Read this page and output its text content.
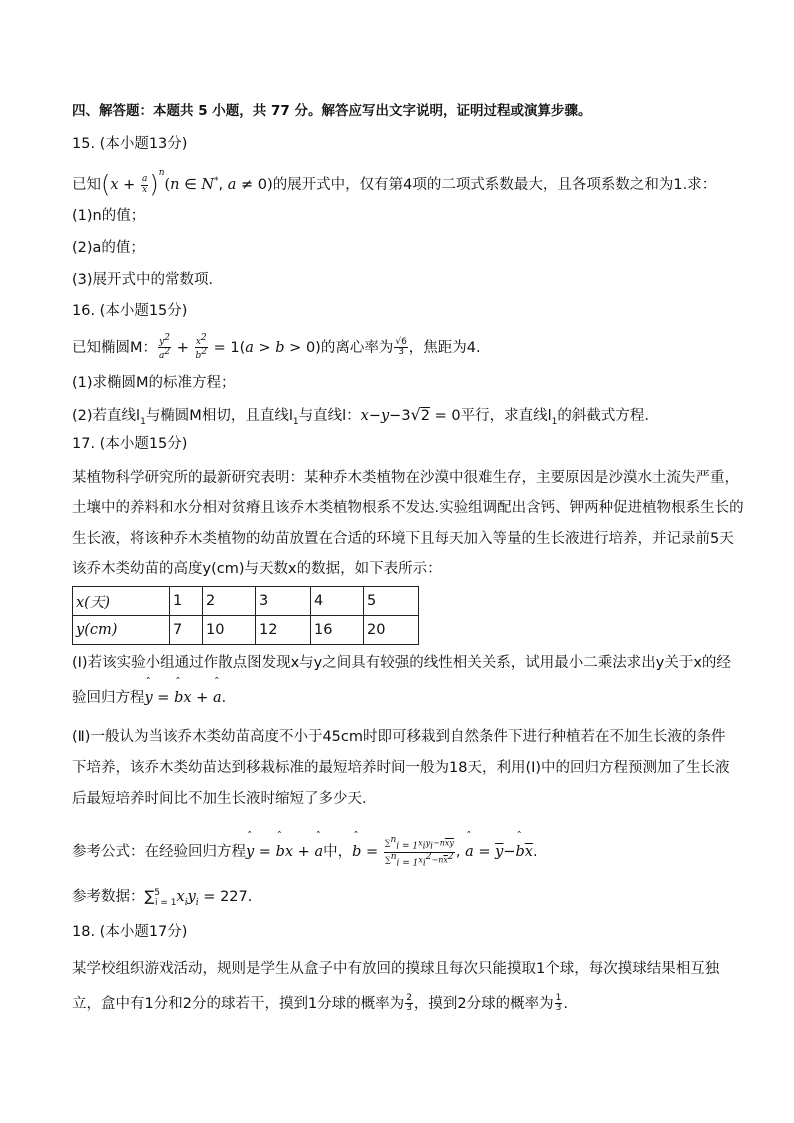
四、解答题：本题共 5 小题，共 77 分。解答应写出文字说明，证明过程或演算步骤。
15. (本小题13分)
已知$(x + \frac{a}{x} )^n(n$ ∈ N*, a ≠ 0)的展开式中，仅有第4项的二项式系数最大，且各项系数之和为1.求：
(1)n的值；
(2)a的值；
(3)展开式中的常数项．
16. (本小题15分)
已知椭圆M： $\frac{y^2}{a^2} + \frac{x^2}{b^2} = 1(a > b > 0)$的离心率为 $\frac{√6}{3}$ ，焦距为4.
(1)求椭圆M的标准方程；
(2)若直线$l_1$与椭圆M相切，且直线$l_1$与直线l：x−y−3√2 = 0平行，求直线$l_1$的斜截式方程．
17. (本小题15分)
某植物科学研究所的最新研究表明：某种乔木类植物在沙漠中很难生存，主要原因是沙漠水土流失严重，
土壤中的养料和水分相对贫瘠且该乔木类植物根系不发达.实验组调配出含钙、钾两种促进植物根系生长的
生长液，将该种乔木类植物的幼苗放置在合适的环境下且每天加入等量的生长液进行培养，并记录前5天
该乔木类幼苗的高度y(cm)与天数x的数据，如下表所示：
x(天)	1	2	3	4	5
y(cm)	7	10	12	16	20
(Ⅰ)若该实验小组通过作散点图发现x与y之间具有较强的线性相关关系，试用最小二乘法求出y关于x的经
验回归方程ˆ y = ˆ bx + ˆ a．
(Ⅱ)一般认为当该乔木类幼苗高度不小于45cm时即可移栽到自然条件下进行种植若在不加生长液的条件
下培养，该乔木类幼苗达到移栽标准的最短培养时间一般为18天，利用(Ⅰ)中的回归方程预测加了生长液
后最短培养时间比不加生长液时缩短了多少天．
参考公式：在经验回归方程ˆ y = ˆ bx + ˆ a中，ˆ $b = \frac{\sum^n_{i = 1}x_iy_i-n\overline{x}\overline{y}}{\sum^n_{i = 1}x_i^2-n\overline{x}^2}$ , ˆ $a = \overline{y}-ˆ$ $b\overline{x}$.
参考数据：$\sum^5_{i = 1}x_iy_i = 227$.
18. (本小题17分)
某学校组织游戏活动，规则是学生从盒子中有放回的摸球且每次只能摸取1个球，每次摸球结果相互独
立，盒中有1分和2分的球若干，摸到1分球的概率为 $\frac{2}{3}$ ，摸到2分球的概率为 $\frac{1}{3}$ .
